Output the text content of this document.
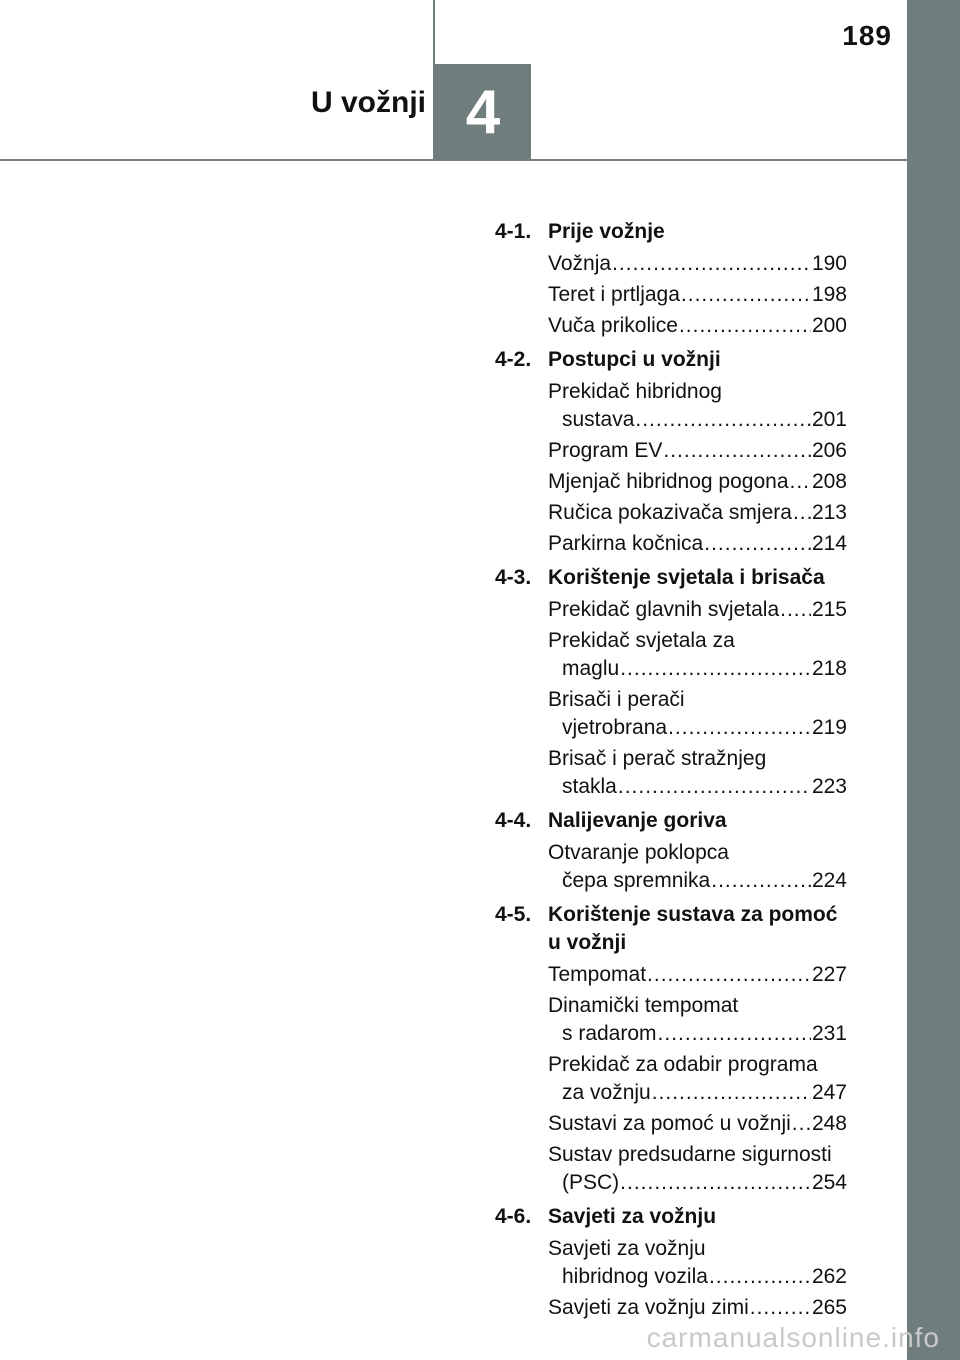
189
4
U vožnji
4-1. Prije vožnje
Vožnja .....	190
Teret i prtljaga .....	198
Vuča prikolice .....	200
4-2. Postupci u vožnji
Prekidač hibridnog
sustava .....	201
Program EV .....	206
Mjenjač hibridnog pogona ..... 208
Ručica pokazivača smjera ..... 213
Parkirna kočnica .....	214
4-3. Korištenje svjetala i brisača
Prekidač glavnih svjetala ..... 215
Prekidač svjetala za
maglu .....	218
Brisači i perači
vjetrobrana .....	219
Brisač i perač stražnjeg
stakla .....	223
4-4. Nalijevanje goriva
Otvaranje poklopca
čepa spremnika .....	224
4-5. Korištenje sustava za pomoć u vožnji
Tempomat .....	227
Dinamički tempomat
s radarom .....	231
Prekidač za odabir programa
za vožnju .....	247
Sustavi za pomoć u vožnji ..... 248
Sustav predsudarne sigurnosti
(PSC) .....	254
4-6. Savjeti za vožnju
Savjeti za vožnju
hibridnog vozila .....	262
Savjeti za vožnju zimi .....	265
carmanualsonline.info
